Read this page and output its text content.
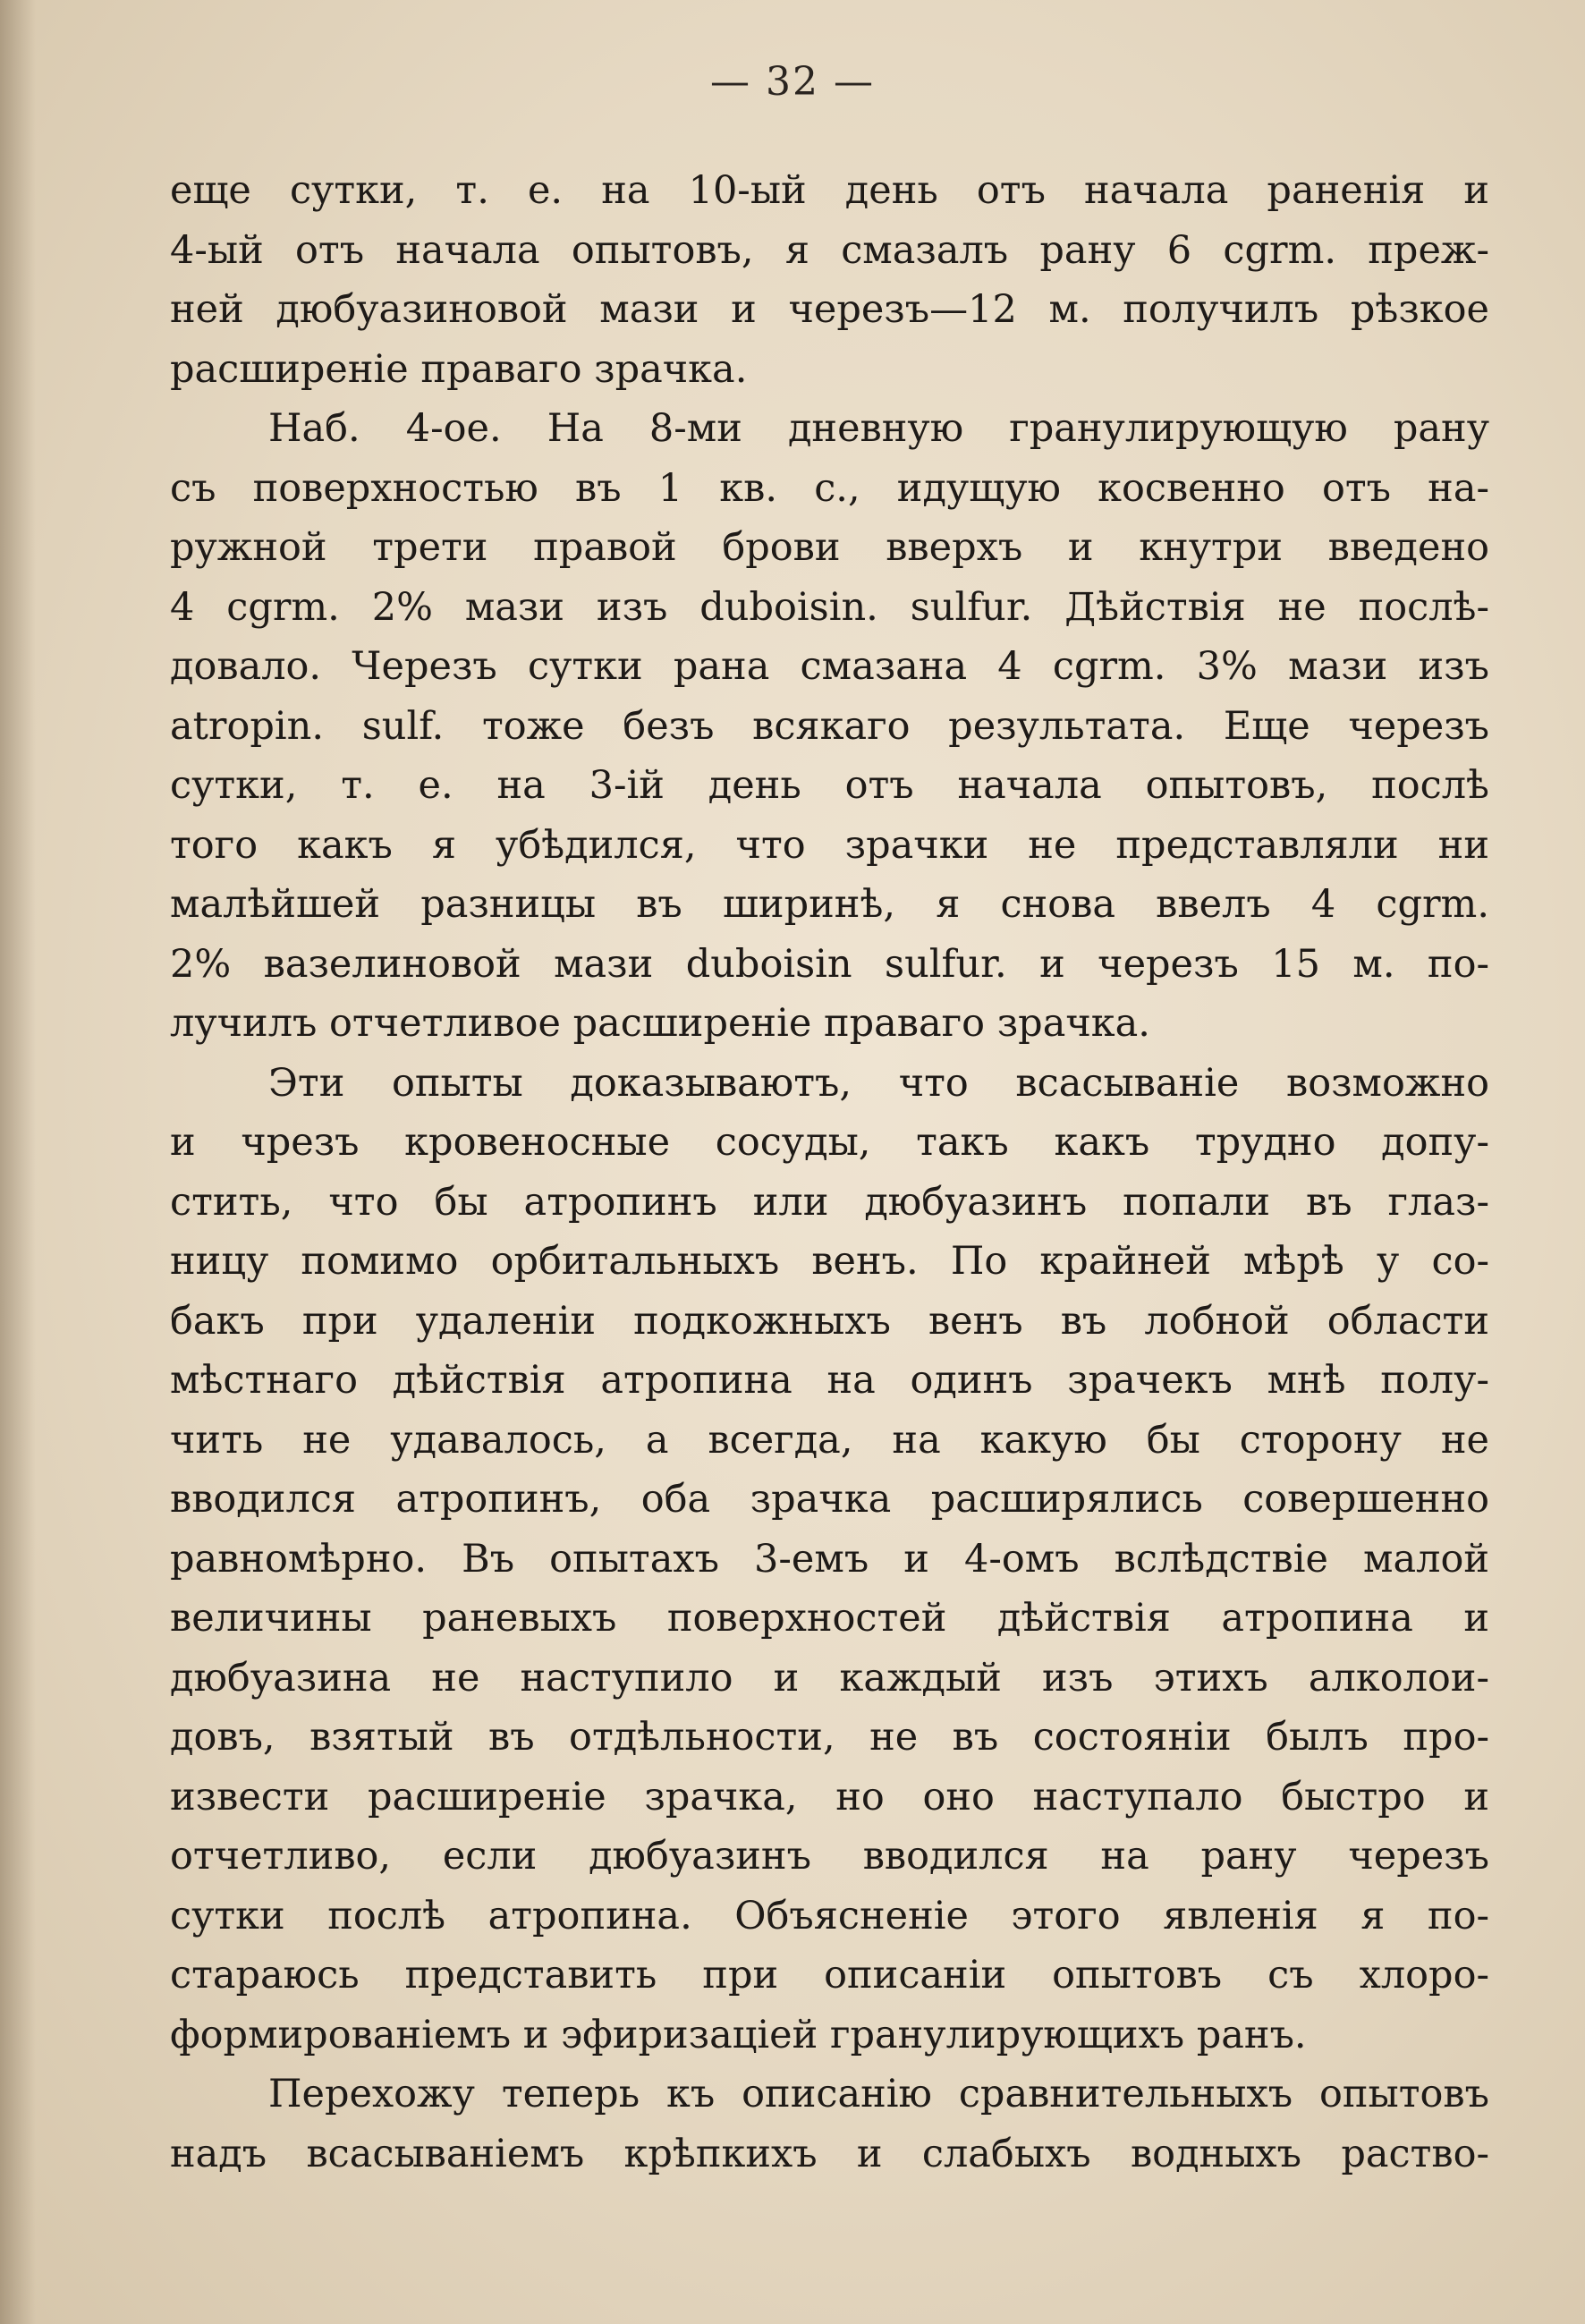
— 32 —
еще сутки, т. е. на 10-ый день отъ начала раненія и
4-ый отъ начала опытовъ, я смазалъ рану 6 cgrm. преж-
ней дюбуазиновой мази и черезъ—12 м. получилъ рѣзкое
расширеніе праваго зрачка.
Наб. 4-ое. На 8-ми дневную гранулирующую рану
съ поверхностью въ 1 кв. с., идущую косвенно отъ на-
ружной трети правой брови вверхъ и кнутри введено
4 cgrm. 2% мази изъ duboisin. sulfur. Дѣйствія не послѣ-
довало. Черезъ сутки рана смазана 4 cgrm. 3% мази изъ
atropin. sulf. тоже безъ всякаго результата. Еще черезъ
сутки, т. е. на 3-ій день отъ начала опытовъ, послѣ
того какъ я убѣдился, что зрачки не представляли ни
малѣйшей разницы въ ширинѣ, я снова ввелъ 4 cgrm.
2% вазелиновой мази duboisin sulfur. и черезъ 15 м. по-
лучилъ отчетливое расширеніе праваго зрачка.
Эти опыты доказываютъ, что всасываніе возможно
и чрезъ кровеносные сосуды, такъ какъ трудно допу-
стить, что бы атропинъ или дюбуазинъ попали въ глаз-
ницу помимо орбитальныхъ венъ. По крайней мѣрѣ у со-
бакъ при удаленіи подкожныхъ венъ въ лобной области
мѣстнаго дѣйствія атропина на одинъ зрачекъ мнѣ полу-
чить не удавалось, а всегда, на какую бы сторону не
вводился атропинъ, оба зрачка расширялись совершенно
равномѣрно. Въ опытахъ 3-емъ и 4-омъ вслѣдствіе малой
величины раневыхъ поверхностей дѣйствія атропина и
дюбуазина не наступило и каждый изъ этихъ алколои-
довъ, взятый въ отдѣльности, не въ состояніи былъ про-
извести расширеніе зрачка, но оно наступало быстро и
отчетливо, если дюбуазинъ вводился на рану черезъ
сутки послѣ атропина. Объясненіе этого явленія я по-
стараюсь представить при описаніи опытовъ съ хлоро-
формированіемъ и эфиризаціей гранулирующихъ ранъ.
Перехожу теперь къ описанію сравнительныхъ опытовъ
надъ всасываніемъ крѣпкихъ и слабыхъ водныхъ раство-
